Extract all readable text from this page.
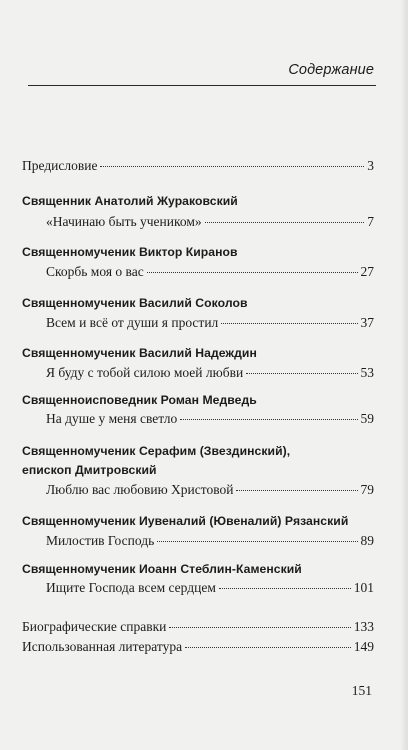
Содержание
Предисловие	3
Священник Анатолий Жураковский
«Начинаю быть учеником»	7
Священномученик Виктор Киранов
Скорбь моя о вас	27
Священномученик Василий Соколов
Всем и всё от души я простил	37
Священномученик Василий Надеждин
Я буду с тобой силою моей любви	53
Священноисповедник Роман Медведь
На душе у меня светло	59
Священномученик Серафим (Звездинский),
епископ Дмитровский
Люблю вас любовию Христовой	79
Священномученик Иувеналий (Ювеналий) Рязанский
Милостив Господь	89
Священномученик Иоанн Стеблин-Каменский
Ищите Господа всем сердцем	101
Биографические справки	133
Использованная литература	149
151
